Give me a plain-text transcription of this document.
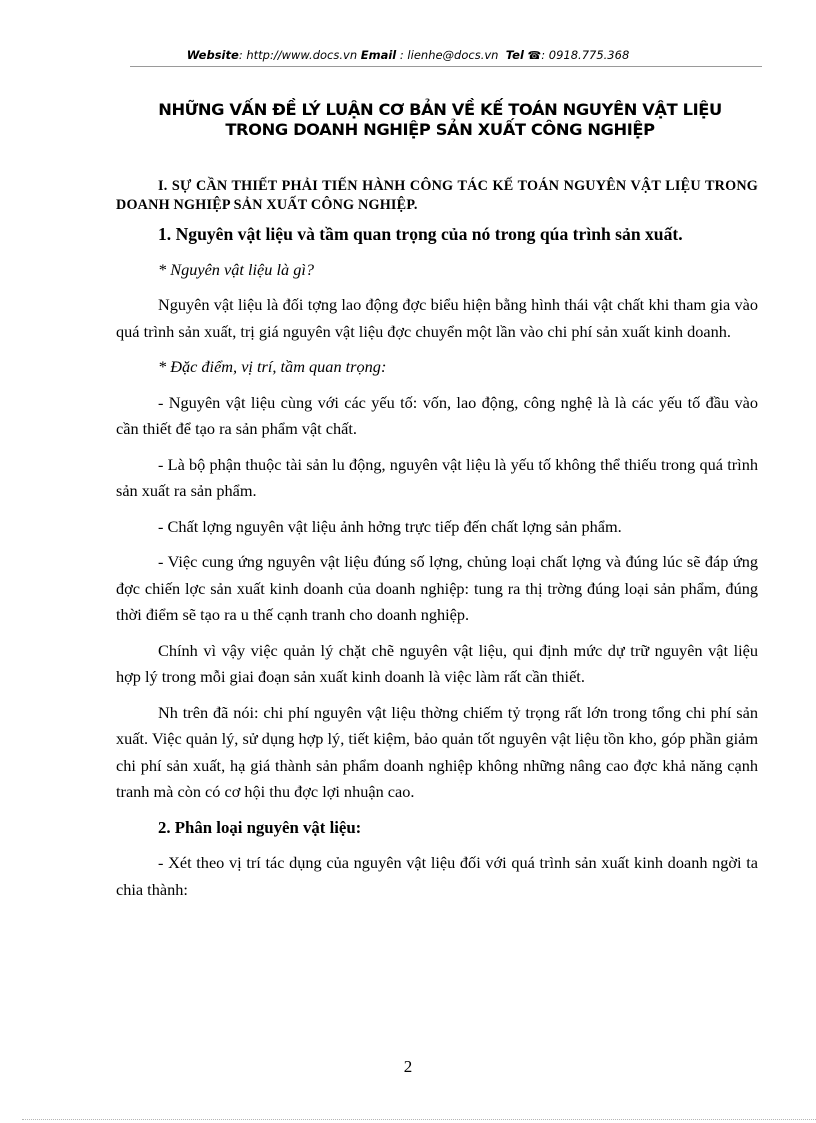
Website: http://www.docs.vn Email : lienhe@docs.vn Tel ☎: 0918.775.368
NHỮNG VẤN ĐỀ LÝ LUẬN CƠ BẢN VỀ KẾ TOÁN NGUYÊN VẬT LIỆU
TRONG DOANH NGHIỆP SẢN XUẤT CÔNG NGHIỆP

I. SỰ CẦN THIẾT PHẢI TIẾN HÀNH CÔNG TÁC KẾ TOÁN NGUYÊN VẬT LIỆU TRONG DOANH NGHIỆP SẢN XUẤT CÔNG NGHIỆP.

1. Nguyên vật liệu và tầm quan trọng của nó trong qúa trình sản xuất.

* Nguyên vật liệu là gì?

Nguyên vật liệu là đối tợng lao động đợc biểu hiện bằng hình thái vật chất khi tham gia vào quá trình sản xuất, trị giá nguyên vật liệu đợc chuyển một lần vào chi phí sản xuất kinh doanh.

* Đặc điểm, vị trí, tầm quan trọng:

- Nguyên vật liệu cùng với các yếu tố: vốn, lao động, công nghệ là là các yếu tố đầu vào cần thiết để tạo ra sản phẩm vật chất.

- Là bộ phận thuộc tài sản lu động, nguyên vật liệu là yếu tố không thể thiếu trong quá trình sản xuất ra sản phẩm.

- Chất lợng nguyên vật liệu ảnh hởng trực tiếp đến chất lợng sản phẩm.

- Việc cung ứng nguyên vật liệu đúng số lợng, chủng loại chất lợng và đúng lúc sẽ đáp ứng đợc chiến lợc sản xuất kinh doanh của doanh nghiệp: tung ra thị trờng đúng loại sản phẩm, đúng thời điểm sẽ tạo ra u thế cạnh tranh cho doanh nghiệp.

Chính vì vậy việc quản lý chặt chẽ nguyên vật liệu, qui định mức dự trữ nguyên vật liệu hợp lý trong mỗi giai đoạn sản xuất kinh doanh là việc làm rất cần thiết.

Nh trên đã nói: chi phí nguyên vật liệu thờng chiếm tỷ trọng rất lớn trong tổng chi phí sản xuất. Việc quản lý, sử dụng hợp lý, tiết kiệm, bảo quản tốt nguyên vật liệu tồn kho, góp phần giảm chi phí sản xuất, hạ giá thành sản phẩm doanh nghiệp không những nâng cao đợc khả năng cạnh tranh mà còn có cơ hội thu đợc lợi nhuận cao.

2. Phân loại nguyên vật liệu:

- Xét theo vị trí tác dụng của nguyên vật liệu đối với quá trình sản xuất kinh doanh ngời ta chia thành:

2
